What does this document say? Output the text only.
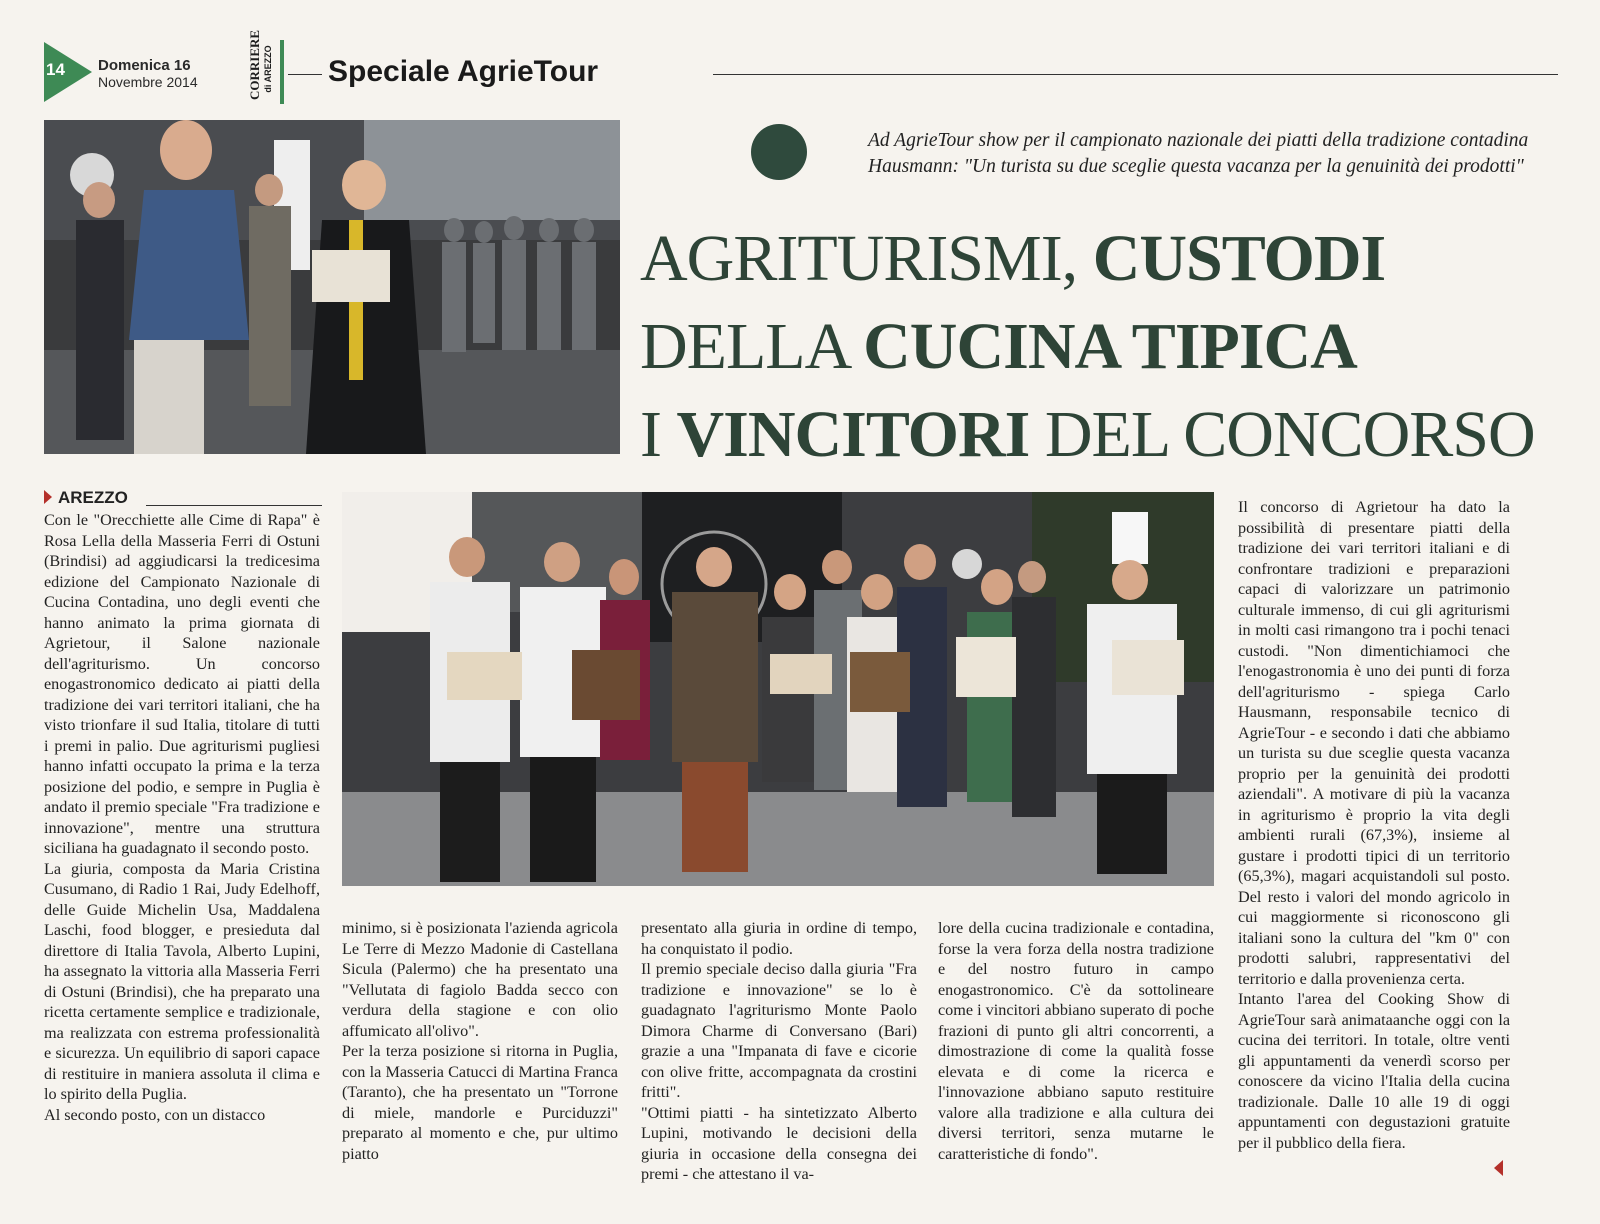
14 Domenica 16
Novembre 2014	CORRIERE di AREZZO Speciale AgrieTour
Ad AgrieTour show per il campionato nazionale dei piatti della tradizione contadina
Hausmann: "Un turista su due sceglie questa vacanza per la genuinità dei prodotti"
AGRITURISMI, CUSTODI
DELLA CUCINA TIPICA
I VINCITORI DEL CONCORSO
AREZZO

Con le "Orecchiette alle Cime di Rapa" è Rosa Lella della Masseria Ferri di Ostuni (Brindisi) ad aggiudicarsi la tredicesima edizione del Campionato Nazionale di Cucina Contadina, uno degli eventi che hanno animato la prima giornata di Agrietour, il Salone nazionale dell'agriturismo. Un concorso enogastronomico dedicato ai piatti della tradizione dei vari territori italiani, che ha visto trionfare il sud Italia, titolare di tutti i premi in palio. Due agriturismi pugliesi hanno infatti occupato la prima e la terza posizione del podio, e sempre in Puglia è andato il premio speciale "Fra tradizione e innovazione", mentre una struttura siciliana ha guadagnato il secondo posto.

La giuria, composta da Maria Cristina Cusumano, di Radio 1 Rai, Judy Edelhoff, delle Guide Michelin Usa, Maddalena Laschi, food blogger, e presieduta dal direttore di Italia Tavola, Alberto Lupini, ha assegnato la vittoria alla Masseria Ferri di Ostuni (Brindisi), che ha preparato una ricetta certamente semplice e tradizionale, ma realizzata con estrema professionalità e sicurezza. Un equilibrio di sapori capace di restituire in maniera assoluta il clima e lo spirito della Puglia.

Al secondo posto, con un distacco

minimo, si è posizionata l'azienda agricola Le Terre di Mezzo Madonie di Castellana Sicula (Palermo) che ha presentato una "Vellutata di fagiolo Badda secco con verdura della stagione e con olio affumicato all'olivo".

Per la terza posizione si ritorna in Puglia, con la Masseria Catucci di Martina Franca (Taranto), che ha presentato un "Torrone di miele, mandorle e Purciduzzi" preparato al momento e che, pur ultimo piatto

presentato alla giuria in ordine di tempo, ha conquistato il podio.

Il premio speciale deciso dalla giuria "Fra tradizione e innovazione" se lo è guadagnato l'agriturismo Monte Paolo Dimora Charme di Conversano (Bari) grazie a una "Impanata di fave e cicorie con olive fritte, accompagnata da crostini fritti".

"Ottimi piatti - ha sintetizzato Alberto Lupini, motivando le decisioni della giuria in occasione della consegna dei premi - che attestano il va-

lore della cucina tradizionale e contadina, forse la vera forza della nostra tradizione e del nostro futuro in campo enogastronomico. C'è da sottolineare come i vincitori abbiano superato di poche frazioni di punto gli altri concorrenti, a dimostrazione di come la qualità fosse elevata e di come la ricerca e l'innovazione abbiano saputo restituire valore alla tradizione e alla cultura dei diversi territori, senza mutarne le caratteristiche di fondo".

Il concorso di Agrietour ha dato la possibilità di presentare piatti della tradizione dei vari territori italiani e di confrontare tradizioni e preparazioni capaci di valorizzare un patrimonio culturale immenso, di cui gli agriturismi in molti casi rimangono tra i pochi tenaci custodi. "Non dimentichiamoci che l'enogastronomia è uno dei punti di forza dell'agriturismo - spiega Carlo Hausmann, responsabile tecnico di AgrieTour - e secondo i dati che abbiamo un turista su due sceglie questa vacanza proprio per la genuinità dei prodotti aziendali". A motivare di più la vacanza in agriturismo è proprio la vita degli ambienti rurali (67,3%), insieme al gustare i prodotti tipici di un territorio (65,3%), magari acquistandoli sul posto. Del resto i valori del mondo agricolo in cui maggiormente si riconoscono gli italiani sono la cultura del "km 0" con prodotti salubri, rappresentativi del territorio e dalla provenienza certa.

Intanto l'area del Cooking Show di AgrieTour sarà animataanche oggi con la cucina dei territori. In totale, oltre venti gli appuntamenti da venerdì scorso per conoscere da vicino l'Italia della cucina tradizionale. Dalle 10 alle 19 di oggi appuntamenti con degustazioni gratuite per il pubblico della fiera.
